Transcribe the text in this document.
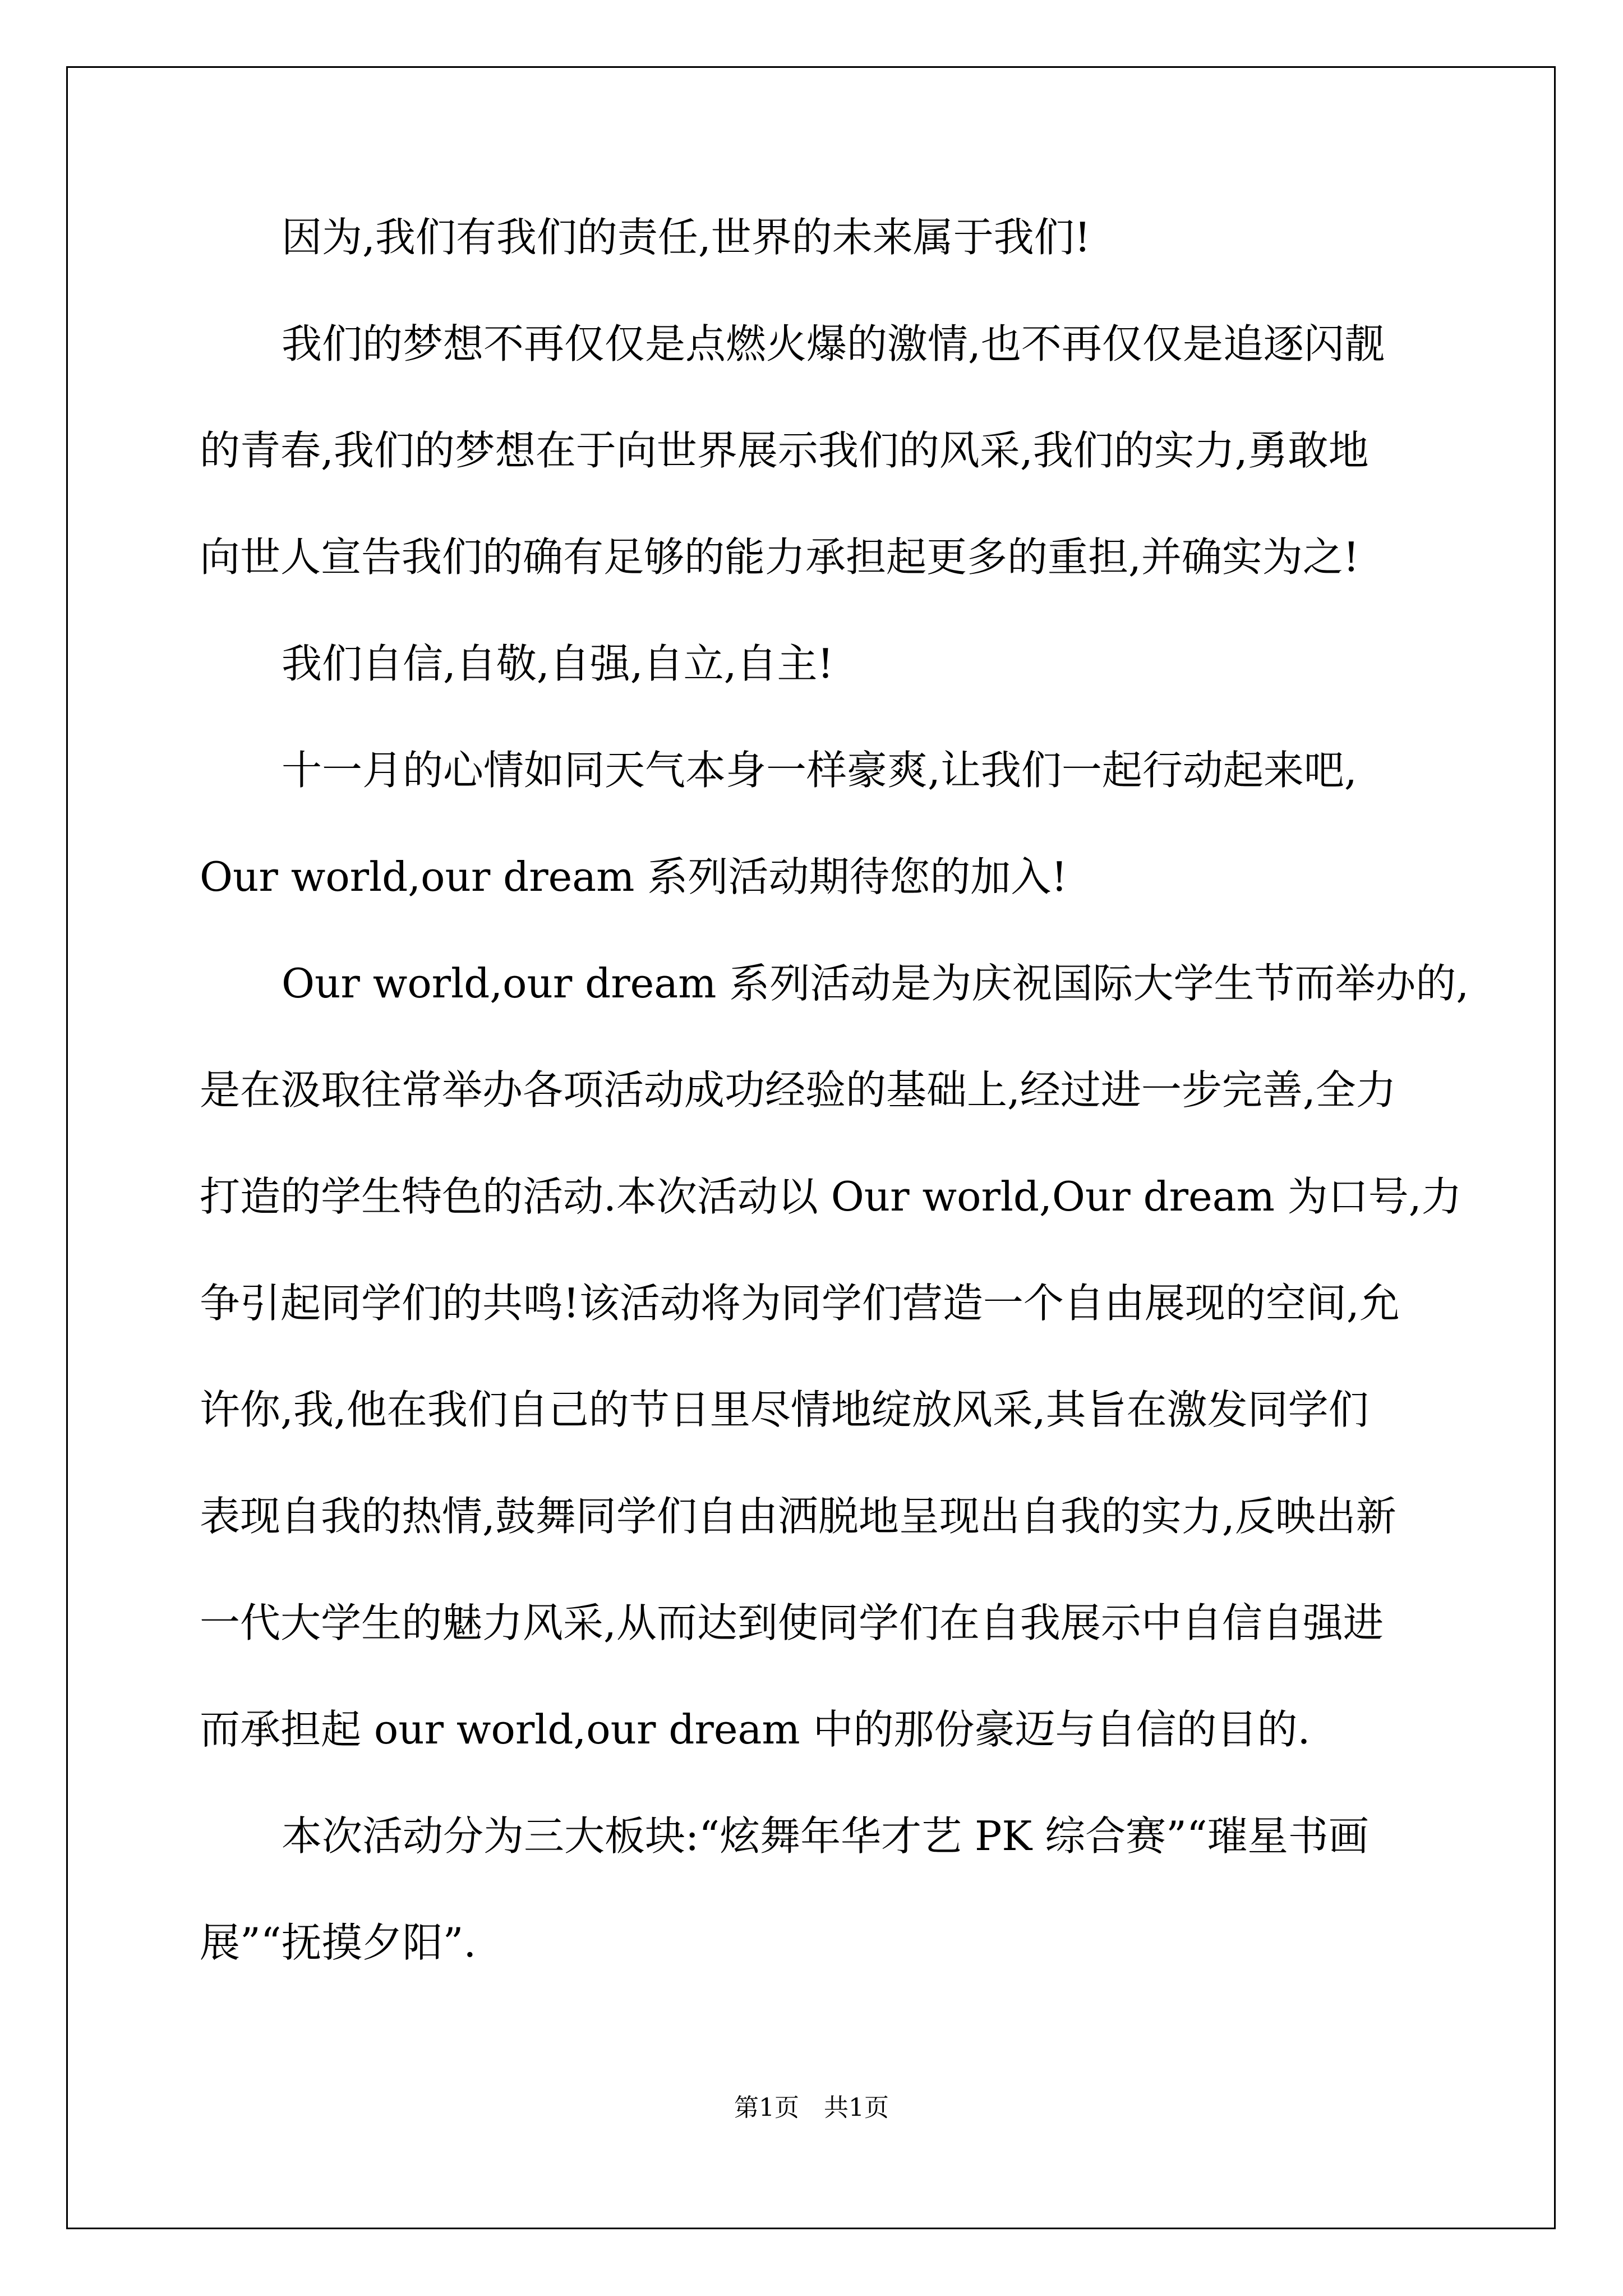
因为,我们有我们的责任,世界的未来属于我们!
我们的梦想不再仅仅是点燃火爆的激情,也不再仅仅是追逐闪靓
的青春,我们的梦想在于向世界展示我们的风采,我们的实力,勇敢地
向世人宣告我们的确有足够的能力承担起更多的重担,并确实为之!
我们自信,自敬,自强,自立,自主!
十一月的心情如同天气本身一样豪爽,让我们一起行动起来吧,
Our world,our dream 系列活动期待您的加入!
Our world,our dream 系列活动是为庆祝国际大学生节而举办的,
是在汲取往常举办各项活动成功经验的基础上,经过进一步完善,全力
打造的学生特色的活动.本次活动以 Our world,Our dream 为口号,力
争引起同学们的共鸣!该活动将为同学们营造一个自由展现的空间,允
许你,我,他在我们自己的节日里尽情地绽放风采,其旨在激发同学们
表现自我的热情,鼓舞同学们自由洒脱地呈现出自我的实力,反映出新
一代大学生的魅力风采,从而达到使同学们在自我展示中自信自强进
而承担起 our world,our dream 中的那份豪迈与自信的目的.
本次活动分为三大板块:“炫舞年华才艺 PK 综合赛”“璀星书画
展”“抚摸夕阳”.
第1页　共1页
